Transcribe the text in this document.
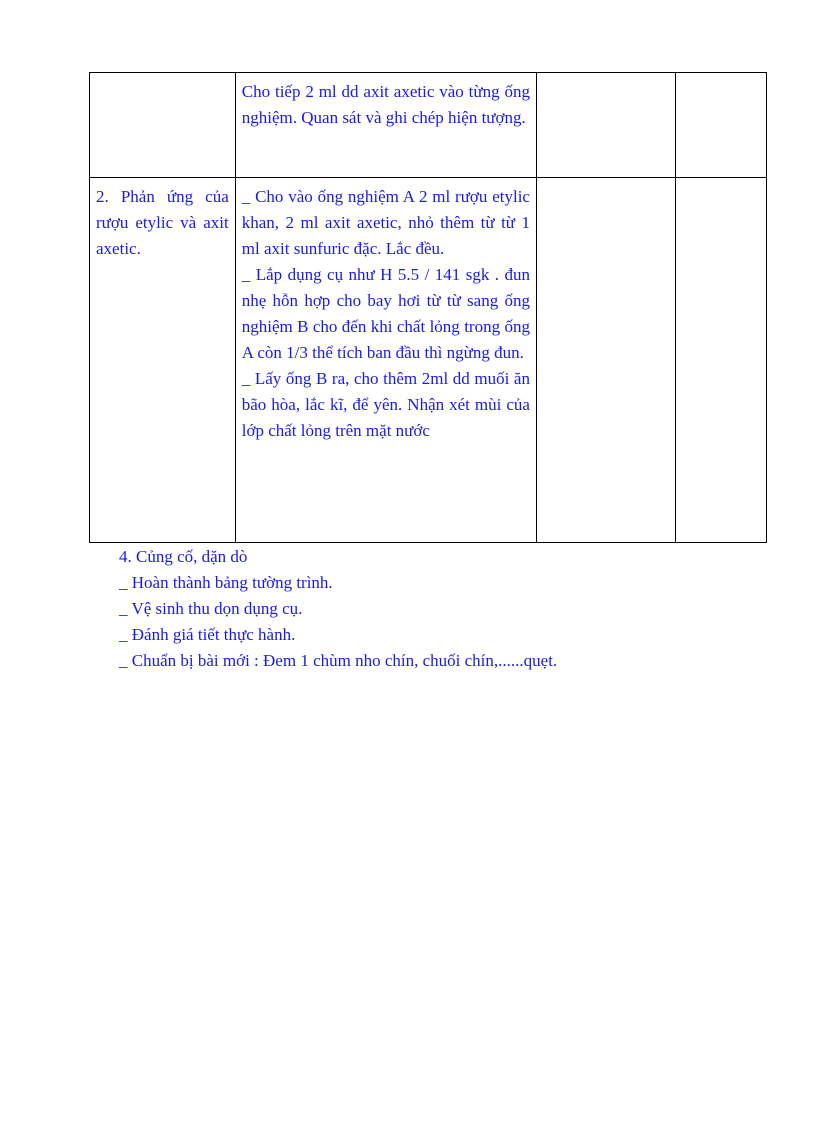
	Cho tiếp 2 ml dd axit axetic vào từng ống nghiệm. Quan sát và ghi chép hiện tượng.		

2. Phản ứng của rượu etylic và axit axetic.	_ Cho vào ống nghiệm A 2 ml rượu etylic khan, 2 ml axit axetic, nhỏ thêm từ từ 1 ml axit sunfuric đặc. Lắc đều.
_ Lắp dụng cụ như H 5.5 / 141 sgk . đun nhẹ hỗn hợp cho bay hơi từ từ sang ống nghiệm B cho đến khi chất lỏng trong ống A còn 1/3 thể tích ban đầu thì ngừng đun.
_ Lấy ống B ra, cho thêm 2ml dd muối ăn bão hòa, lắc kĩ, để yên. Nhận xét mùi của lớp chất lỏng trên mặt nước		

4. Củng cố, dặn dò
_ Hoàn thành bảng tường trình.
_ Vệ sinh thu dọn dụng cụ.
_ Đánh giá tiết thực hành.
_ Chuẩn bị bài mới : Đem 1 chùm nho chín, chuối chín,......quẹt.
